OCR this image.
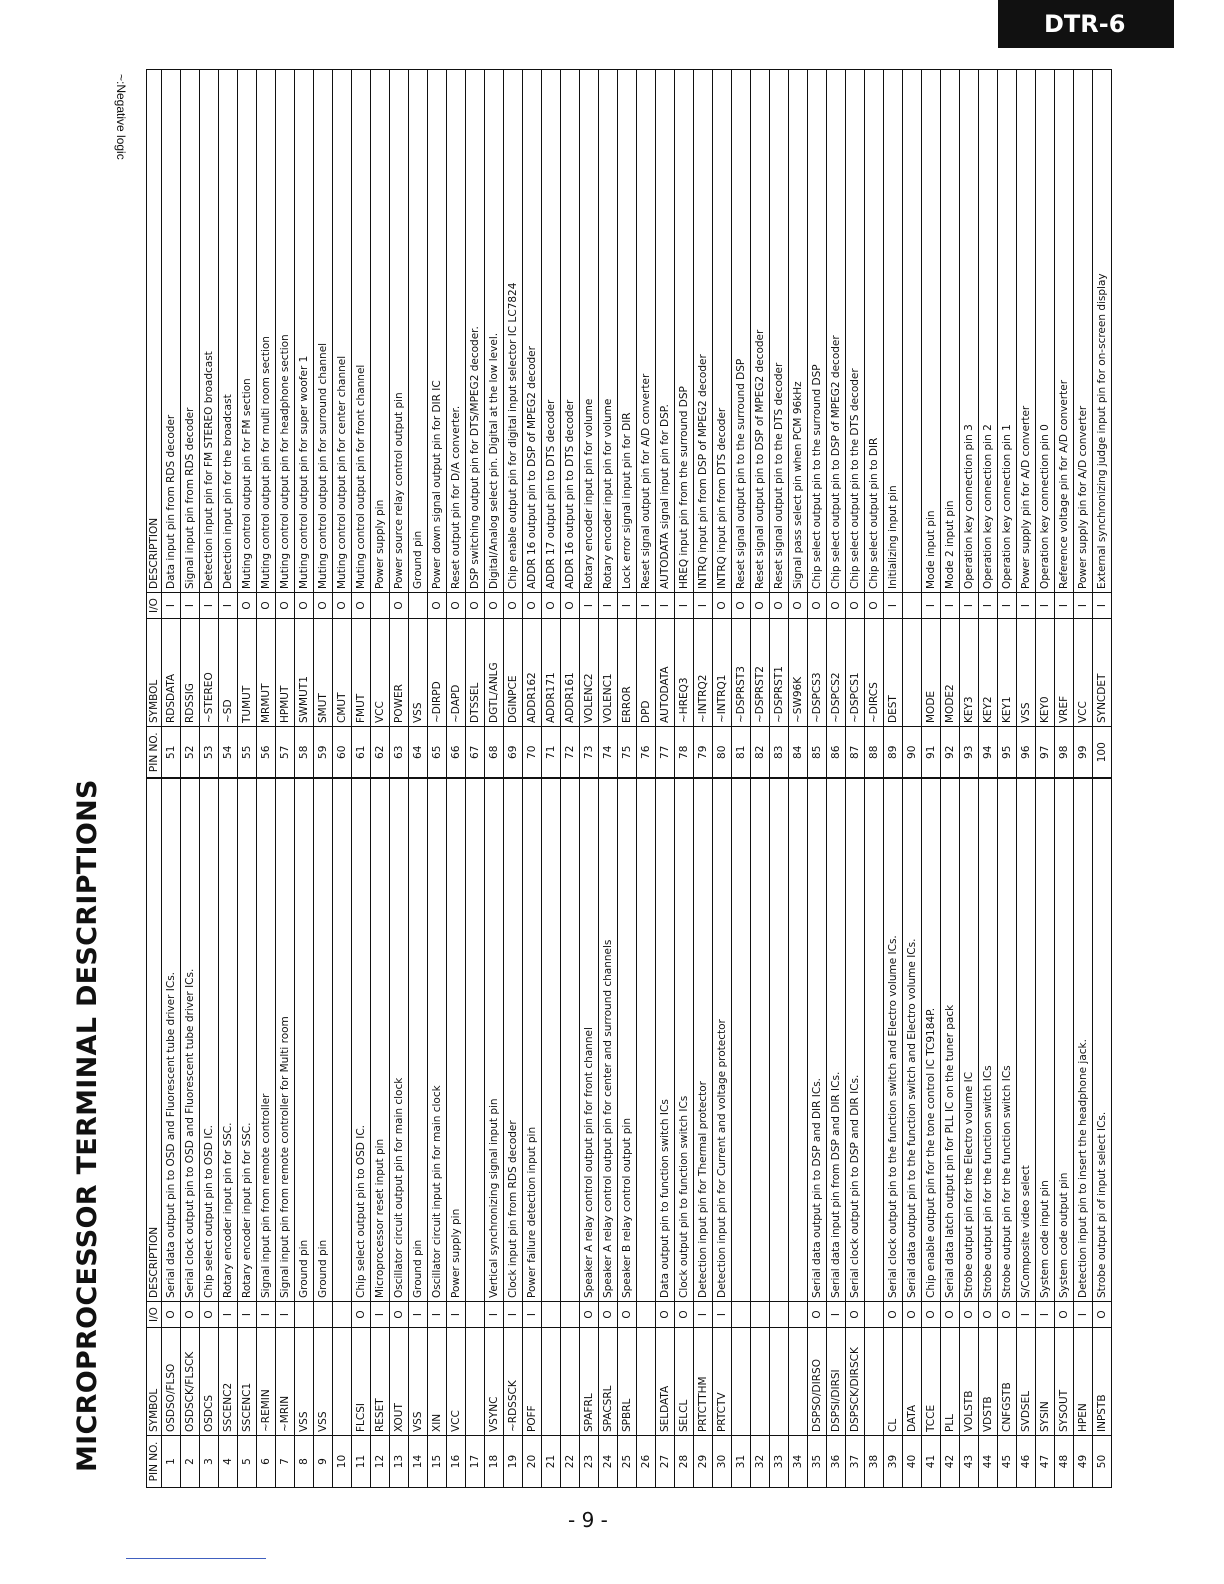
DTR-6
MICROPROCESSOR TERMINAL DESCRIPTIONS
~:Negative logic
PIN NO.	SYMBOL	I/O	DESCRIPTION	PIN NO.	SYMBOL	I/O	DESCRIPTION
1	OSDSO/FLSO	O	Serial data output pin to OSD and Fluorescent tube driver ICs.	51	RDSDATA	I	Data input pin from RDS decoder
2	OSDSCK/FLSCK	O	Serial clock output pin to OSD and Fluorescent tube driver ICs.	52	RDSSIG	I	Signal input pin from RDS decoder
3	OSDCS	O	Chip select output pin to OSD IC.	53	~STEREO	I	Detection input pin for FM STEREO broadcast
4	SSCENC2	I	Rotary encoder input pin for SSC.	54	~SD	I	Detection input pin for the broadcast
5	SSCENC1	I	Rotary encoder input pin for SSC.	55	TUMUT	O	Muting control output pin for FM section
6	~REMIN	I	Signal input pin from remote controller	56	MRMUT	O	Muting control output pin for multi room section
7	~MRIN	I	Signal input pin from remote controller for Multi room	57	HPMUT	O	Muting control output pin for headphone section
8	VSS		Ground pin	58	SWMUT1	O	Muting control output pin for super woofer 1
9	VSS		Ground pin	59	SMUT	O	Muting control output pin for surround channel
10				60	CMUT	O	Muting control output pin for center channel
11	FLCSI	O	Chip select output pin to OSD IC.	61	FMUT	O	Muting control output pin for front channel
12	RESET	I	Microprocessor reset input pin	62	VCC		Power supply pin
13	XOUT	O	Oscillator circuit output pin for main clock	63	POWER	O	Power source relay control output pin
14	VSS	I	Ground pin	64	VSS		Ground pin
15	XIN	I	Oscillator circuit input pin for main clock	65	~DIRPD	O	Power down signal output pin for DIR IC
16	VCC	I	Power supply pin	66	~DAPD	O	Reset output pin for D/A converter.
17				67	DTSSEL	O	DSP switching output pin for DTS/MPEG2 decoder.
18	VSYNC	I	Vertical synchronizing signal input pin	68	DGTL/ANLG	O	Digital/Analog select pin. Digital at the low level.
19	~RDSSCK	I	Clock input pin from RDS decoder	69	DGINPCE	O	Chip enable output pin for digital input selector IC LC7824
20	POFF	I	Power failure detection input pin	70	ADDR162	O	ADDR 16 output pin to DSP of MPEG2 decoder
21				71	ADDR171	O	ADDR 17 output pin to DTS decoder
22				72	ADDR161	O	ADDR 16 output pin to DTS decoder
23	SPAFRL	O	Speaker A relay control output pin for front channel	73	VOLENC2	I	Rotary encoder input pin for volume
24	SPACSRL	O	Speaker A relay control output pin for center and surround channels	74	VOLENC1	I	Rotary encoder input pin for volume
25	SPBRL	O	Speaker B relay control output pin	75	ERROR	I	Lock error signal input pin for DIR
26				76	DPD	I	Reset signal output pin for A/D converter
27	SELDATA	O	Data output pin to function switch ICs	77	AUTODATA	I	AUTODATA signal input pin for DSP.
28	SELCL	O	Clock output pin to function switch ICs	78	~HREQ3	I	HREQ input pin from the surround DSP
29	PRTCTTHM	I	Detection input pin for Thermal protector	79	~INTRQ2	I	INTRQ input pin from DSP of MPEG2 decoder
30	PRTCTV	I	Detection input pin for Current and voltage protector	80	~INTRQ1	O	INTRQ input pin from DTS decoder
31				81	~DSPRST3	O	Reset signal output pin to the surround DSP
32				82	~DSPRST2	O	Reset signal output pin to DSP of MPEG2 decoder
33				83	~DSPRST1	O	Reset signal output pin to the DTS decoder
34				84	~SW96K	O	Signal pass select pin when PCM 96kHz
35	DSPSO/DIRSO	O	Serial data output pin to DSP and DIR ICs.	85	~DSPCS3	O	Chip select output pin to the surround DSP
36	DSPSI/DIRSI	I	Serial data input pin from DSP and DIR ICs.	86	~DSPCS2	O	Chip select output pin to DSP of MPEG2 decoder
37	DSPSCK/DIRSCK	O	Serial clock output pin to DSP and DIR ICs.	87	~DSPCS1	O	Chip select output pin to the DTS decoder
38				88	~DIRCS	O	Chip select output pin to DIR
39	CL	O	Serial clock output pin to the function switch and Electro volume ICs.	89	DEST	I	Initializing input pin
40	DATA	O	Serial data output pin to the function switch and Electro volume ICs.	90			
41	TCCE	O	Chip enable output pin for the tone control IC TC9184P.	91	MODE	I	Mode input pin
42	PLL	O	Serial data latch output pin for PLL IC on the tuner pack	92	MODE2	I	Mode 2 input pin
43	VOLSTB	O	Strobe output pin for the Electro volume IC	93	KEY3	I	Operation key connection pin 3
44	VDSTB	O	Strobe output pin for the function switch ICs	94	KEY2	I	Operation key connection pin 2
45	CNFGSTB	O	Strobe output pin for the function switch ICs	95	KEY1	I	Operation key connection pin 1
46	SVDSEL	I	S/Composite video select	96	VSS	I	Power supply pin for A/D converter
47	SYSIN	I	System code input pin	97	KEY0	I	Operation key connection pin 0
48	SYSOUT	O	System code output pin	98	VREF	I	Reference voltage pin for A/D converter
49	HPEN	I	Detection input pin to insert the headphone jack.	99	VCC	I	Power supply pin for A/D converter
50	INPSTB	O	Strobe output pi of input select ICs.	100	SYNCDET	I	External synchronizing judge input pin for on-screen display
- 9 -
